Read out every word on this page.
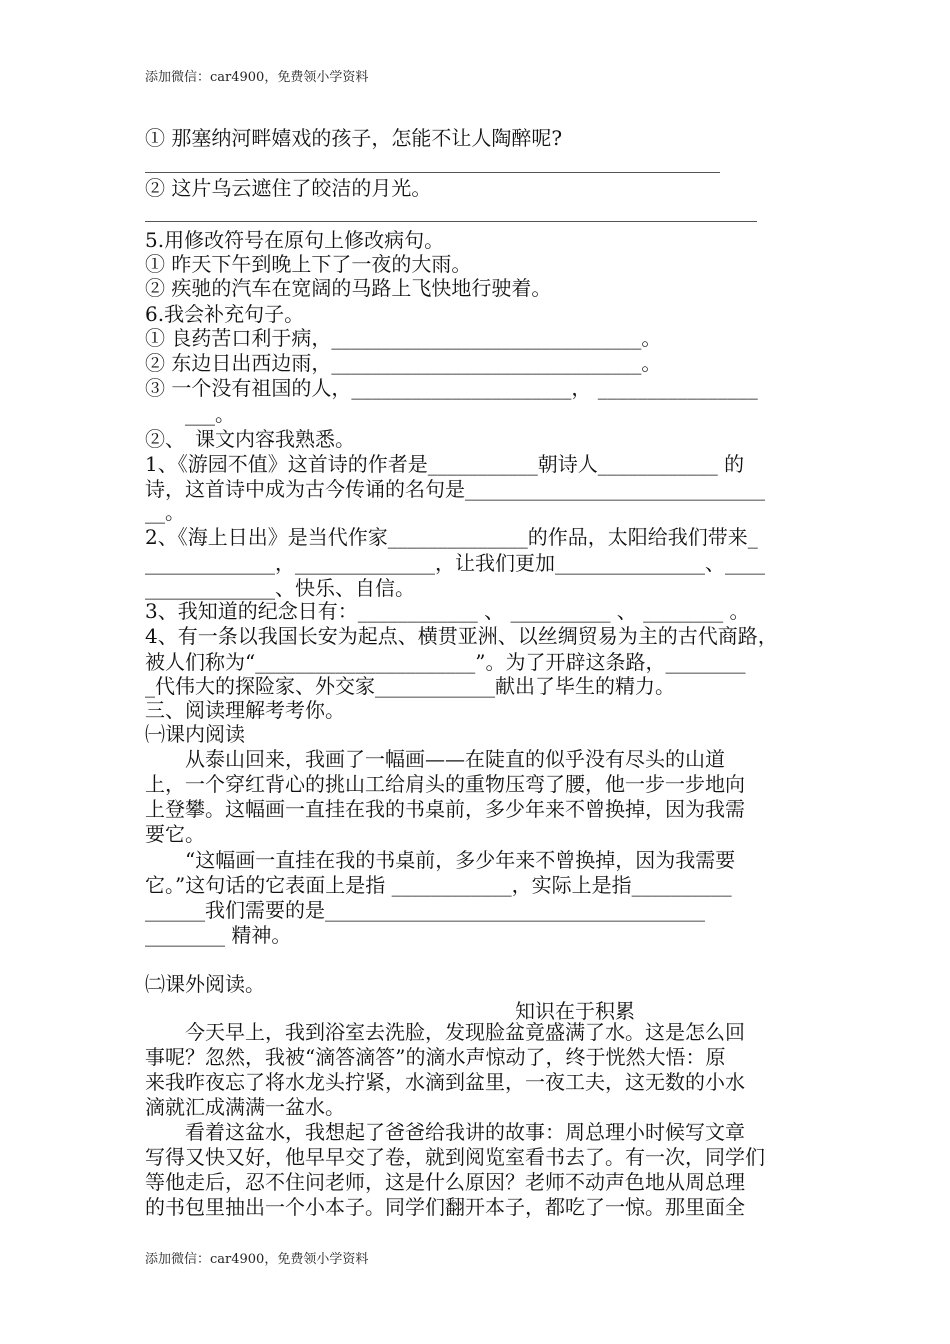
添加微信：car4900，免费领小学资料
① 那塞纳河畔嬉戏的孩子，怎能不让人陶醉呢?
② 这片乌云遮住了皎洁的月光。
5.用修改符号在原句上修改病句。
① 昨天下午到晚上下了一夜的大雨。
② 疾驰的汽车在宽阔的马路上飞快地行驶着。
6.我会补充句子。
① 良药苦口利于病，_______________________________。
② 东边日出西边雨，_______________________________。
③ 一个没有祖国的人，______________________， ________________
　　___。
②、　课文内容我熟悉。
1、《游园不值》这首诗的作者是___________朝诗人____________ 的
诗，这首诗中成为古今传诵的名句是______________________________
__。
2、《海上日出》是当代作家______________的作品，太阳给我们带来_
_____________，______________，让我们更加_______________、____
_____________、快乐、自信。
3、我知道的纪念日有：____________ 、 __________ 、 ________ 。
4、有一条以我国长安为起点、横贯亚洲、以丝绸贸易为主的古代商路，
被人们称为“______________________”。为了开辟这条路，________
_代伟大的探险家、外交家____________献出了毕生的精力。
三、阅读理解考考你。
㈠课内阅读
　　从泰山回来，我画了一幅画——在陡直的似乎没有尽头的山道
上，一个穿红背心的挑山工给肩头的重物压弯了腰，他一步一步地向
上登攀。这幅画一直挂在我的书桌前，多少年来不曾换掉，因为我需
要它。
　　“这幅画一直挂在我的书桌前，多少年来不曾换掉，因为我需要
它。”这句话的它表面上是指 ____________，实际上是指__________
______我们需要的是______________________________________
________ 精神。
㈡课外阅读。
知识在于积累
　　今天早上，我到浴室去洗脸，发现脸盆竟盛满了水。这是怎么回
事呢？忽然，我被“滴答滴答”的滴水声惊动了，终于恍然大悟：原
来我昨夜忘了将水龙头拧紧，水滴到盆里，一夜工夫，这无数的小水
滴就汇成满满一盆水。
　　看着这盆水，我想起了爸爸给我讲的故事：周总理小时候写文章
写得又快又好，他早早交了卷，就到阅览室看书去了。有一次，同学们
等他走后，忍不住问老师，这是什么原因？老师不动声色地从周总理
的书包里抽出一个小本子。同学们翻开本子，都吃了一惊。那里面全
添加微信：car4900，免费领小学资料
